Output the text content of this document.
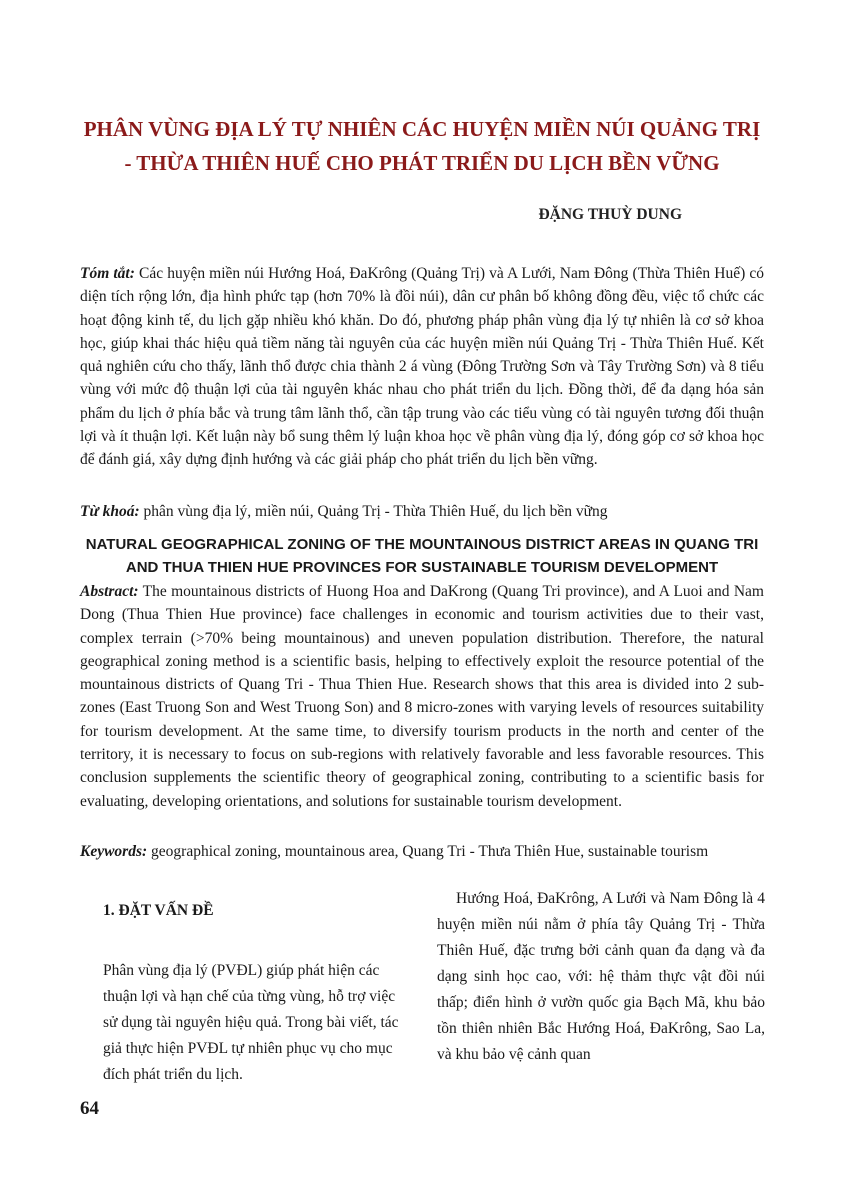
PHÂN VÙNG ĐỊA LÝ TỰ NHIÊN CÁC HUYỆN MIỀN NÚI QUẢNG TRỊ - THỪA THIÊN HUẾ CHO PHÁT TRIỂN DU LỊCH BỀN VỮNG
ĐẶNG THUỲ DUNG

Tóm tắt: Các huyện miền núi Hướng Hoá, ĐaKrông (Quảng Trị) và A Lưới, Nam Đông (Thừa Thiên Huế) có diện tích rộng lớn, địa hình phức tạp (hơn 70% là đồi núi), dân cư phân bố không đồng đều, việc tổ chức các hoạt động kinh tế, du lịch gặp nhiều khó khăn. Do đó, phương pháp phân vùng địa lý tự nhiên là cơ sở khoa học, giúp khai thác hiệu quả tiềm năng tài nguyên của các huyện miền núi Quảng Trị - Thừa Thiên Huế. Kết quả nghiên cứu cho thấy, lãnh thổ được chia thành 2 á vùng (Đông Trường Sơn và Tây Trường Sơn) và 8 tiểu vùng với mức độ thuận lợi của tài nguyên khác nhau cho phát triển du lịch. Đồng thời, để đa dạng hóa sản phẩm du lịch ở phía bắc và trung tâm lãnh thổ, cần tập trung vào các tiểu vùng có tài nguyên tương đối thuận lợi và ít thuận lợi. Kết luận này bổ sung thêm lý luận khoa học về phân vùng địa lý, đóng góp cơ sở khoa học để đánh giá, xây dựng định hướng và các giải pháp cho phát triển du lịch bền vững.

Từ khoá: phân vùng địa lý, miền núi, Quảng Trị - Thừa Thiên Huế, du lịch bền vững

NATURAL GEOGRAPHICAL ZONING OF THE MOUNTAINOUS DISTRICT AREAS IN QUANG TRI AND THUA THIEN HUE PROVINCES FOR SUSTAINABLE TOURISM DEVELOPMENT

Abstract: The mountainous districts of Huong Hoa and DaKrong (Quang Tri province), and A Luoi and Nam Dong (Thua Thien Hue province) face challenges in economic and tourism activities due to their vast, complex terrain (>70% being mountainous) and uneven population distribution. Therefore, the natural geographical zoning method is a scientific basis, helping to effectively exploit the resource potential of the mountainous districts of Quang Tri - Thua Thien Hue. Research shows that this area is divided into 2 sub-zones (East Truong Son and West Truong Son) and 8 micro-zones with varying levels of resources suitability for tourism development. At the same time, to diversify tourism products in the north and center of the territory, it is necessary to focus on sub-regions with relatively favorable and less favorable resources. This conclusion supplements the scientific theory of geographical zoning, contributing to a scientific basis for evaluating, developing orientations, and solutions for sustainable tourism development.

Keywords: geographical zoning, mountainous area, Quang Tri - Thưa Thiên Hue, sustainable tourism

1. ĐẶT VẤN ĐỀ

Phân vùng địa lý (PVĐL) giúp phát hiện các thuận lợi và hạn chế của từng vùng, hỗ trợ việc sử dụng tài nguyên hiệu quả. Trong bài viết, tác giả thực hiện PVĐL tự nhiên phục vụ cho mục đích phát triển du lịch.

Hướng Hoá, ĐaKrông, A Lưới và Nam Đông là 4 huyện miền núi nằm ở phía tây Quảng Trị - Thừa Thiên Huế, đặc trưng bởi cảnh quan đa dạng và đa dạng sinh học cao, với: hệ thảm thực vật đồi núi thấp; điển hình ở vườn quốc gia Bạch Mã, khu bảo tồn thiên nhiên Bắc Hướng Hoá, ĐaKrông, Sao La, và khu bảo vệ cảnh quan

64
